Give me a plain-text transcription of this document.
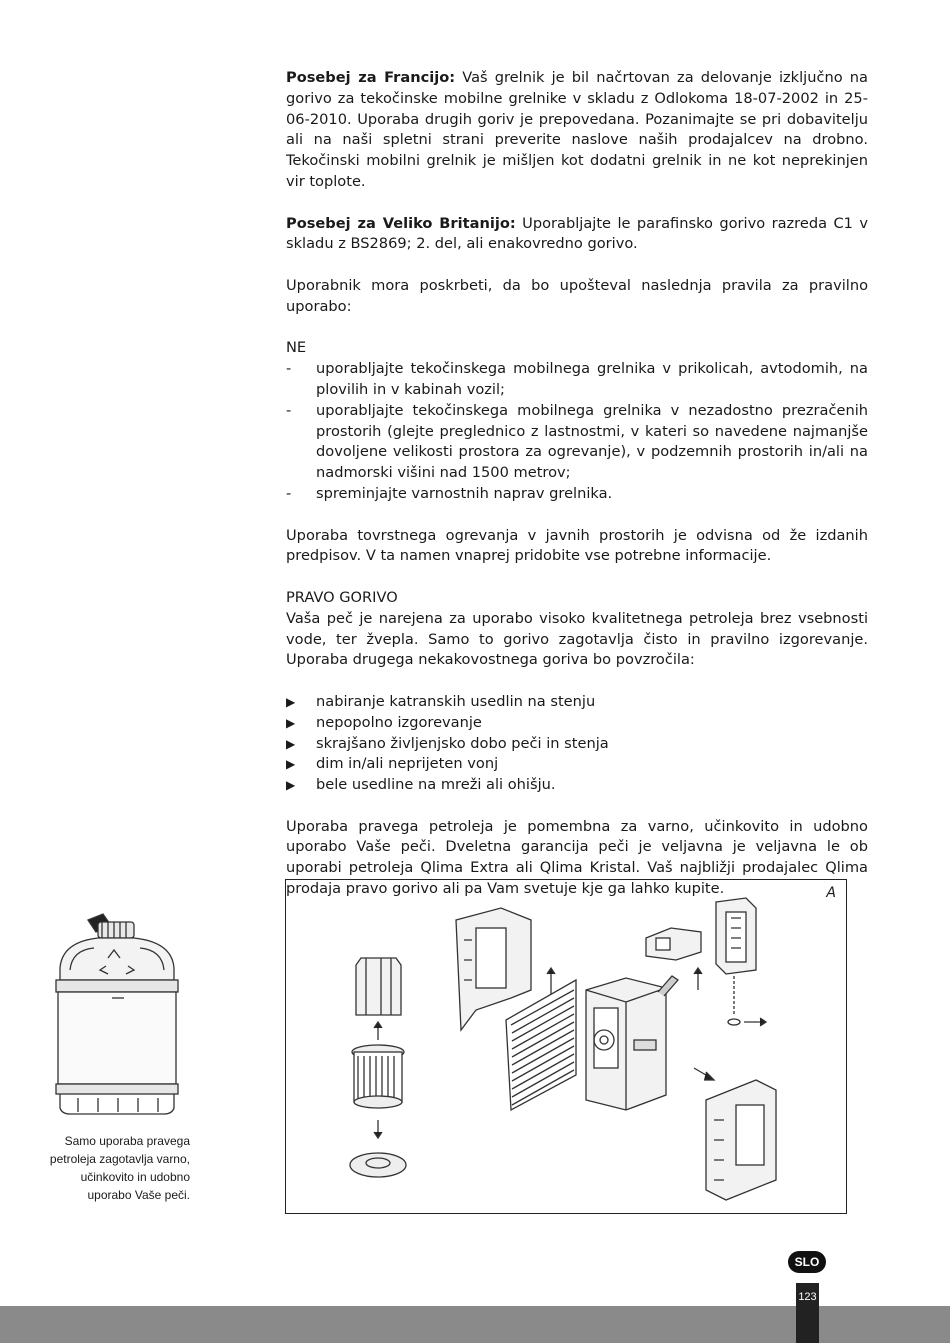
Posebej za Francijo: Vaš grelnik je bil načrtovan za delovanje izključno na gorivo za tekočinske mobilne grelnike v skladu z Odlokoma 18-07-2002 in 25-06-2010. Uporaba drugih goriv je prepovedana. Pozanimajte se pri dobavitelju ali na naši spletni strani preverite naslove naših prodajalcev na drobno. Tekočinski mobilni grelnik je mišljen kot dodatni grelnik in ne kot neprekinjen vir toplote.

Posebej za Veliko Britanijo: Uporabljajte le parafinsko gorivo razreda C1 v skladu z BS2869; 2. del, ali enakovredno gorivo.

Uporabnik mora poskrbeti, da bo upošteval naslednja pravila za pravilno uporabo:

NE

-	uporabljajte tekočinskega mobilnega grelnika v prikolicah, avtodomih, na plovilih in v kabinah vozil;
-	uporabljajte tekočinskega mobilnega grelnika v nezadostno prezračenih prostorih (glejte preglednico z lastnostmi, v kateri so navedene najmanjše dovoljene velikosti prostora za ogrevanje), v podzemnih prostorih in/ali na nadmorski višini nad 1500 metrov;
-	spreminjajte varnostnih naprav grelnika.

Uporaba tovrstnega ogrevanja v javnih prostorih je odvisna od že izdanih predpisov. V ta namen vnaprej pridobite vse potrebne informacije.

PRAVO GORIVO

Vaša peč je narejena za uporabo visoko kvalitetnega petroleja brez vsebnosti vode, ter žvepla. Samo to gorivo zagotavlja čisto in pravilno izgorevanje. Uporaba drugega nekakovostnega goriva bo povzročila:

▶	nabiranje katranskih usedlin na stenju
▶	nepopolno izgorevanje
▶	skrajšano življenjsko dobo peči in stenja
▶	dim in/ali neprijeten vonj
▶	bele usedline na mreži ali ohišju.

Uporaba pravega petroleja je pomembna za varno, učinkovito in udobno uporabo Vaše peči. Dveletna garancija peči je veljavna je veljavna le ob uporabi petroleja Qlima Extra ali Qlima Kristal. Vaš najbližji prodajalec Qlima prodaja pravo gorivo ali pa Vam svetuje kje ga lahko kupite.

Samo uporaba pravega petroleja zagotavlja varno, učinkovito in udobno uporabo Vaše peči.
A
SLO
123
